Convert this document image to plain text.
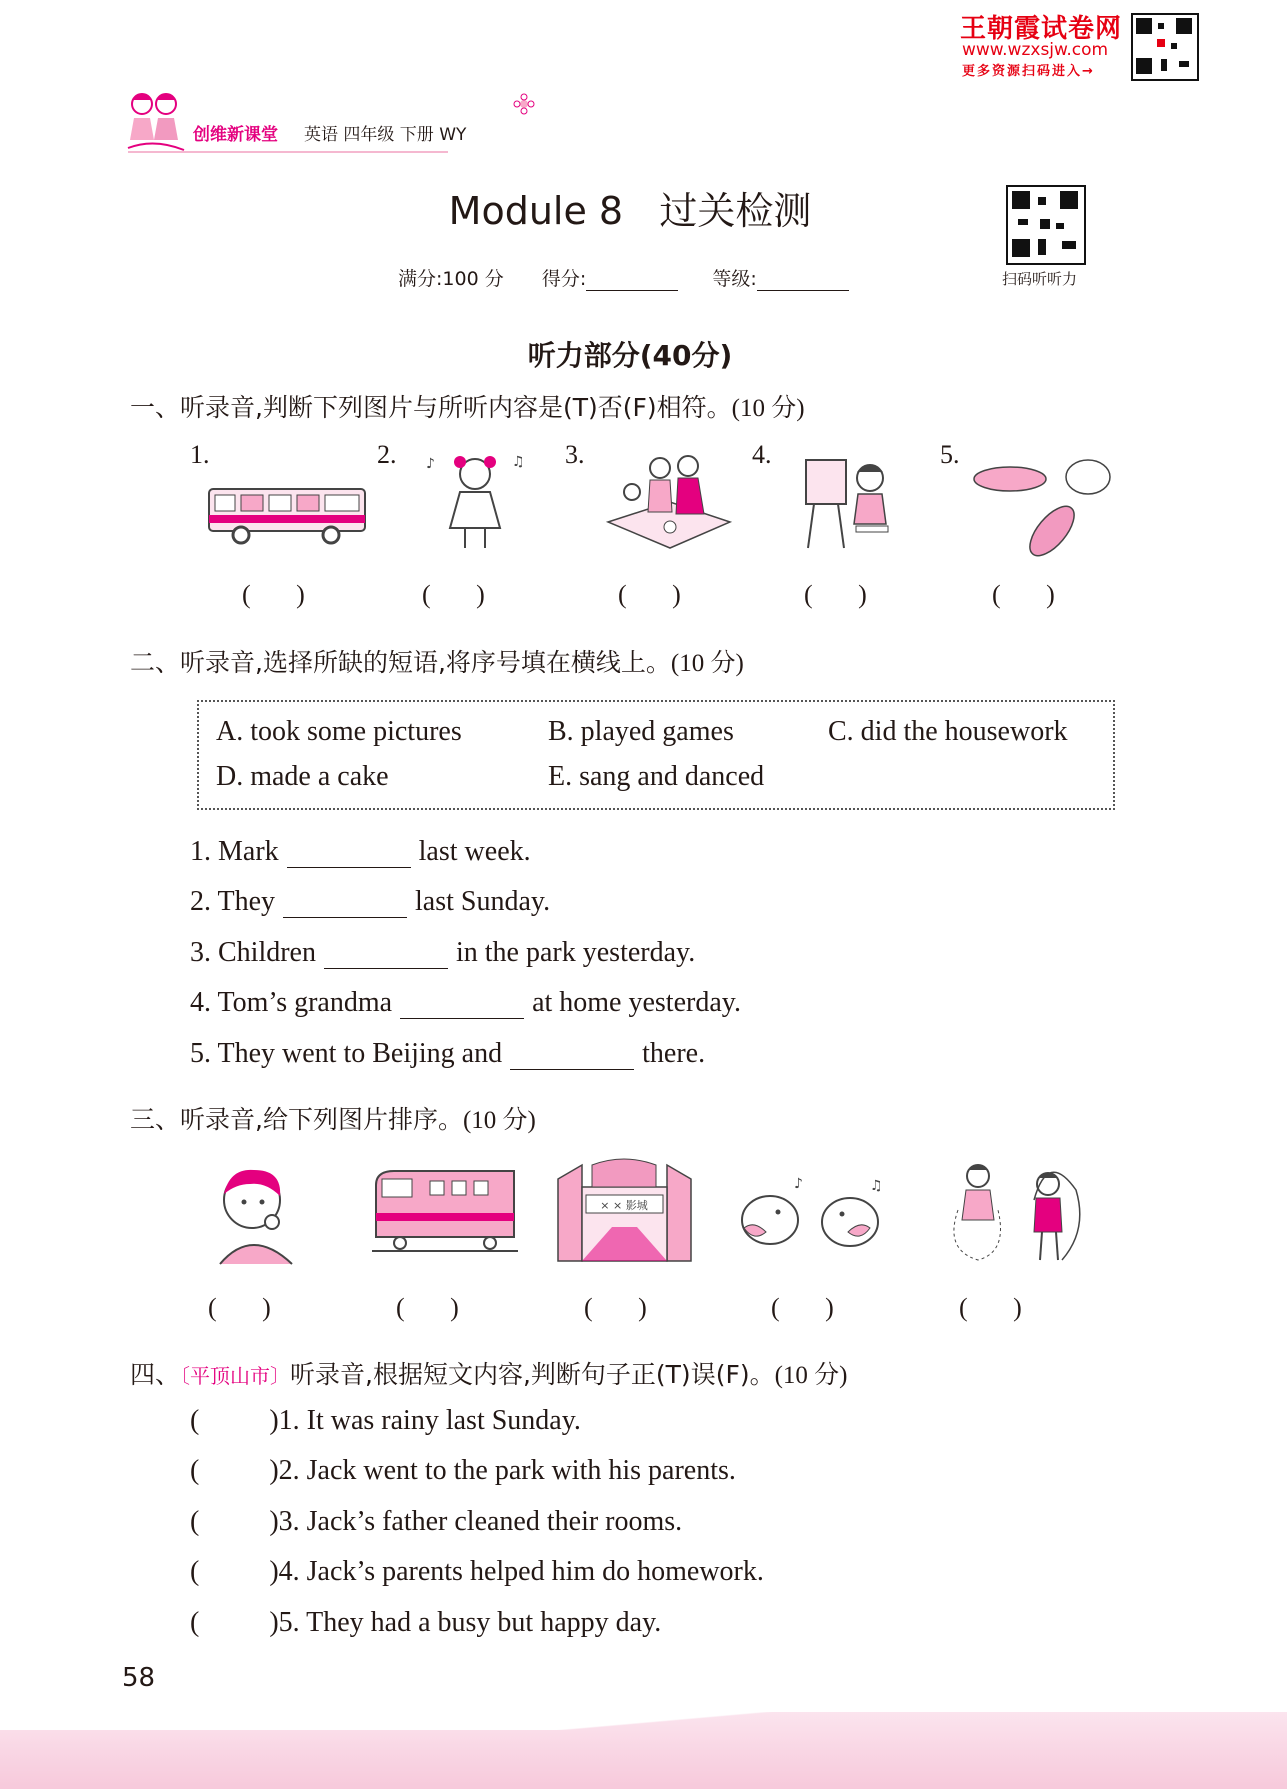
王朝霞试卷网
www.wzxsjw.com
更多资源扫码进入→
创维新课堂 英语 四年级 下册 WY
Module 8   过关检测
满分:100 分 得分:	等级:	扫码听听力
听力部分(40分)
一、听录音,判断下列图片与所听内容是(T)否(F)相符。(10 分)
1.	2.	3.	4.	5.
♪	♫
(       )	(       )	(       )	(       )	(       )
二、听录音,选择所缺的短语,将序号填在横线上。(10 分)
A. took some pictures	B. played games	C. did the housework
D. made a cake	E. sang and danced
1. Mark	last week.
2. They	last Sunday.
3. Children	in the park yesterday.
4. Tom’s grandma	at home yesterday.
5. They went to Beijing and	there.
三、听录音,给下列图片排序。(10 分)
× × 影城
♪	♫
(       )	(       )	(       )	(       )	(       )
四、〔平顶山市〕听录音,根据短文内容,判断句子正(T)误(F)。(10 分)
(          )1. It was rainy last Sunday.
(          )2. Jack went to the park with his parents.
(          )3. Jack’s father cleaned their rooms.
(          )4. Jack’s parents helped him do homework.
(          )5. They had a busy but happy day.
58
